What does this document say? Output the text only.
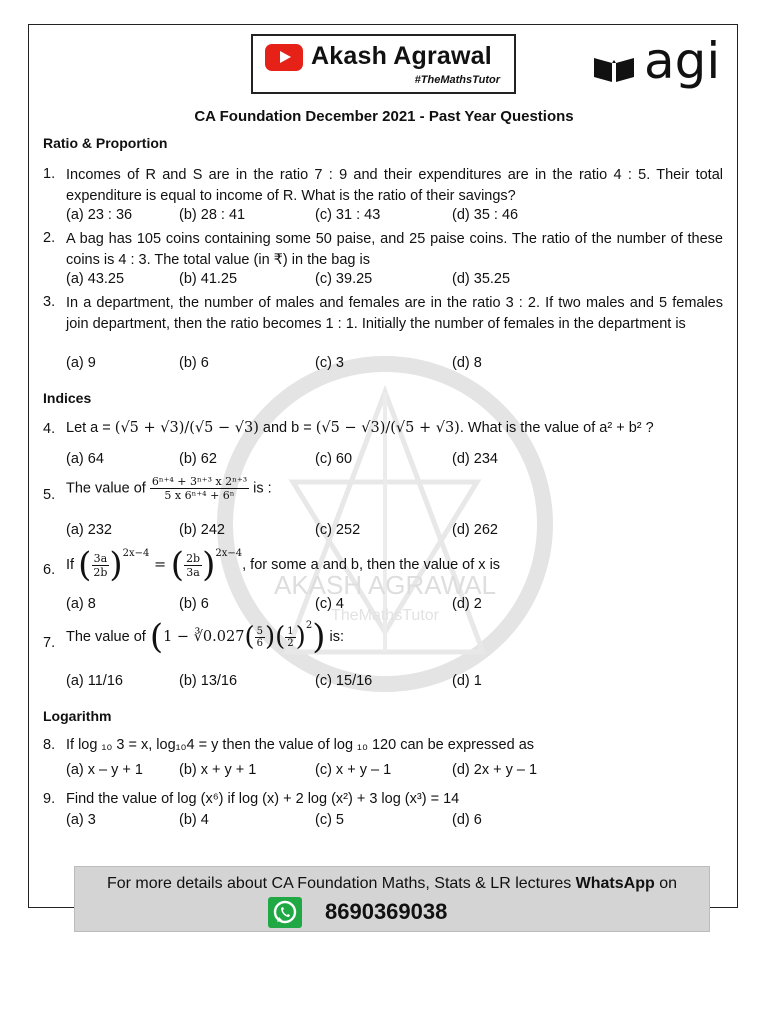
Akash Agrawal
#TheMathsTutor	agi
CA Foundation December 2021 - Past Year Questions
AKASH AGRAWAL
TheMathsTutor
Ratio & Proportion
1. Incomes of R and S are in the ratio 7 : 9 and their expenditures are in the ratio 4 : 5. Their total expenditure is equal to income of R. What is the ratio of their savings?
(a) 23 : 36	(b) 28 : 41	(c) 31 : 43	(d) 35 : 46
2. A bag has 105 coins containing some 50 paise, and 25 paise coins. The ratio of the number of these coins is 4 : 3. The total value (in ₹) in the bag is
(a) 43.25	(b) 41.25	(c) 39.25	(d) 35.25
3. In a department, the number of males and females are in the ratio 3 : 2. If two males and 5 females join department, then the ratio becomes 1 : 1. Initially the number of females in the department is
(a) 9	(b) 6	(c) 3	(d) 8
Indices
4. Let a = (√5 + √3)/(√5 − √3) and b = (√5 − √3)/(√5 + √3). What is the value of a² + b² ?
(a) 64	(b) 62	(c) 60	(d) 234
5. The value of $\frac{\text{6ⁿ⁺⁴ + 3ⁿ⁺³ x 2ⁿ⁺³}}{\text{5 x 6ⁿ⁺⁴ + 6ⁿ}}$ is :
(a) 232	(b) 242	(c) 252	(d) 262
6. If ( $\frac{3a}{2b} )^{2x-4}$ = ( $\frac{2b}{3a} )^{2x-4}$, for some a and b, then the value of x is
(a) 8	(b) 6	(c) 4	(d) 2
7. The value of (1 − ∛0.027( $\frac{5}{6}$ )( $\frac{1}{2} )^2$) is:
(a) 11/16	(b) 13/16	(c) 15/16	(d) 1
Logarithm
8. If log ₁₀ 3 = x, log₁₀4 = y then the value of log ₁₀ 120 can be expressed as
(a) x – y + 1 (b) x + y + 1	(c) x + y – 1	(d) 2x + y – 1
9. Find the value of log (x⁶) if log (x) + 2 log (x²) + 3 log (x³) = 14
(a) 3	(b) 4	(c) 5	(d) 6
For more details about CA Foundation Maths, Stats & LR lectures WhatsApp on
8690369038
